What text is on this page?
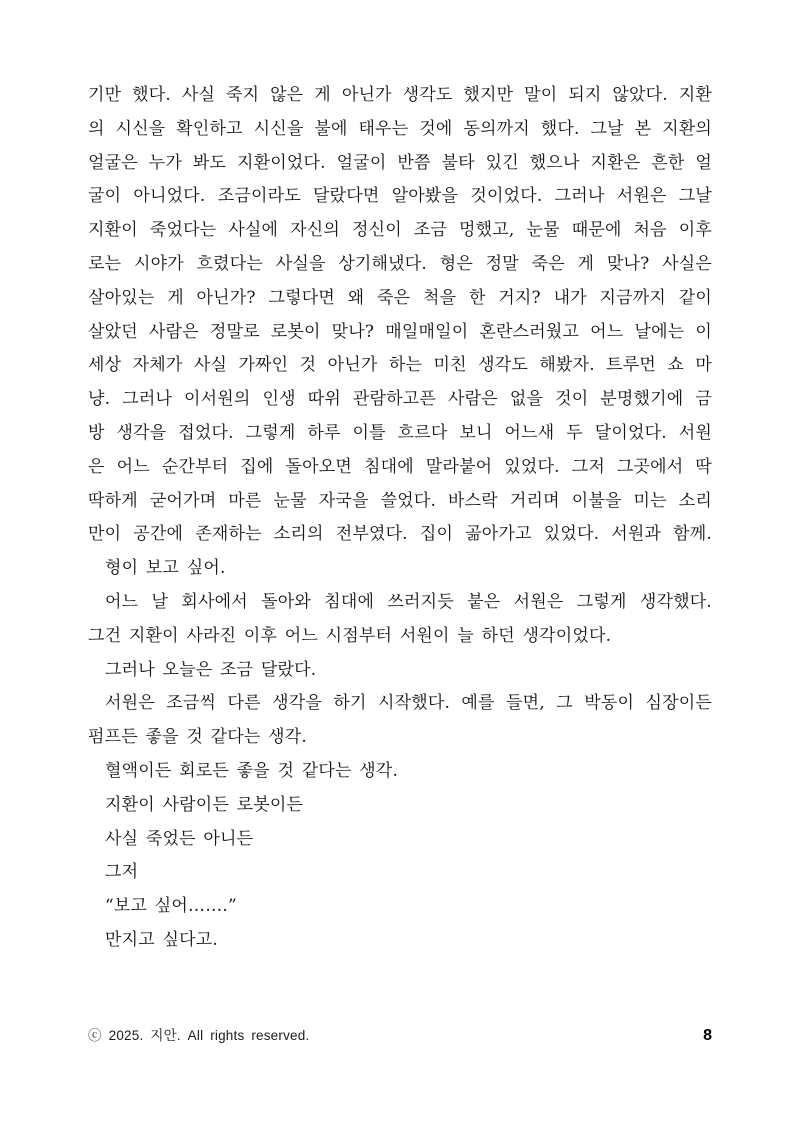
기만 했다. 사실 죽지 않은 게 아닌가 생각도 했지만 말이 되지 않았다. 지환
의 시신을 확인하고 시신을 불에 태우는 것에 동의까지 했다. 그날 본 지환의
얼굴은 누가 봐도 지환이었다. 얼굴이 반쯤 불타 있긴 했으나 지환은 흔한 얼
굴이 아니었다. 조금이라도 달랐다면 알아봤을 것이었다. 그러나 서원은 그날
지환이 죽었다는 사실에 자신의 정신이 조금 멍했고, 눈물 때문에 처음 이후
로는 시야가 흐렸다는 사실을 상기해냈다. 형은 정말 죽은 게 맞나? 사실은
살아있는 게 아닌가? 그렇다면 왜 죽은 척을 한 거지? 내가 지금까지 같이
살았던 사람은 정말로 로봇이 맞나? 매일매일이 혼란스러웠고 어느 날에는 이
세상 자체가 사실 가짜인 것 아닌가 하는 미친 생각도 해봤자. 트루먼 쇼 마
냥. 그러나 이서원의 인생 따위 관람하고픈 사람은 없을 것이 분명했기에 금
방 생각을 접었다. 그렇게 하루 이틀 흐르다 보니 어느새 두 달이었다. 서원
은 어느 순간부터 집에 돌아오면 침대에 말라붙어 있었다. 그저 그곳에서 딱
딱하게 굳어가며 마른 눈물 자국을 쓸었다. 바스락 거리며 이불을 미는 소리
만이 공간에 존재하는 소리의 전부였다. 집이 곪아가고 있었다. 서원과 함께.
형이 보고 싶어.
어느 날 회사에서 돌아와 침대에 쓰러지듯 붙은 서원은 그렇게 생각했다.
그건 지환이 사라진 이후 어느 시점부터 서원이 늘 하던 생각이었다.
그러나 오늘은 조금 달랐다.
서원은 조금씩 다른 생각을 하기 시작했다. 예를 들면, 그 박동이 심장이든
펌프든 좋을 것 같다는 생각.
혈액이든 회로든 좋을 것 같다는 생각.
지환이 사람이든 로봇이든
사실 죽었든 아니든
그저
“보고 싶어…….”
만지고 싶다고.
ⓒ 2025. 지안. All rights reserved.	8
